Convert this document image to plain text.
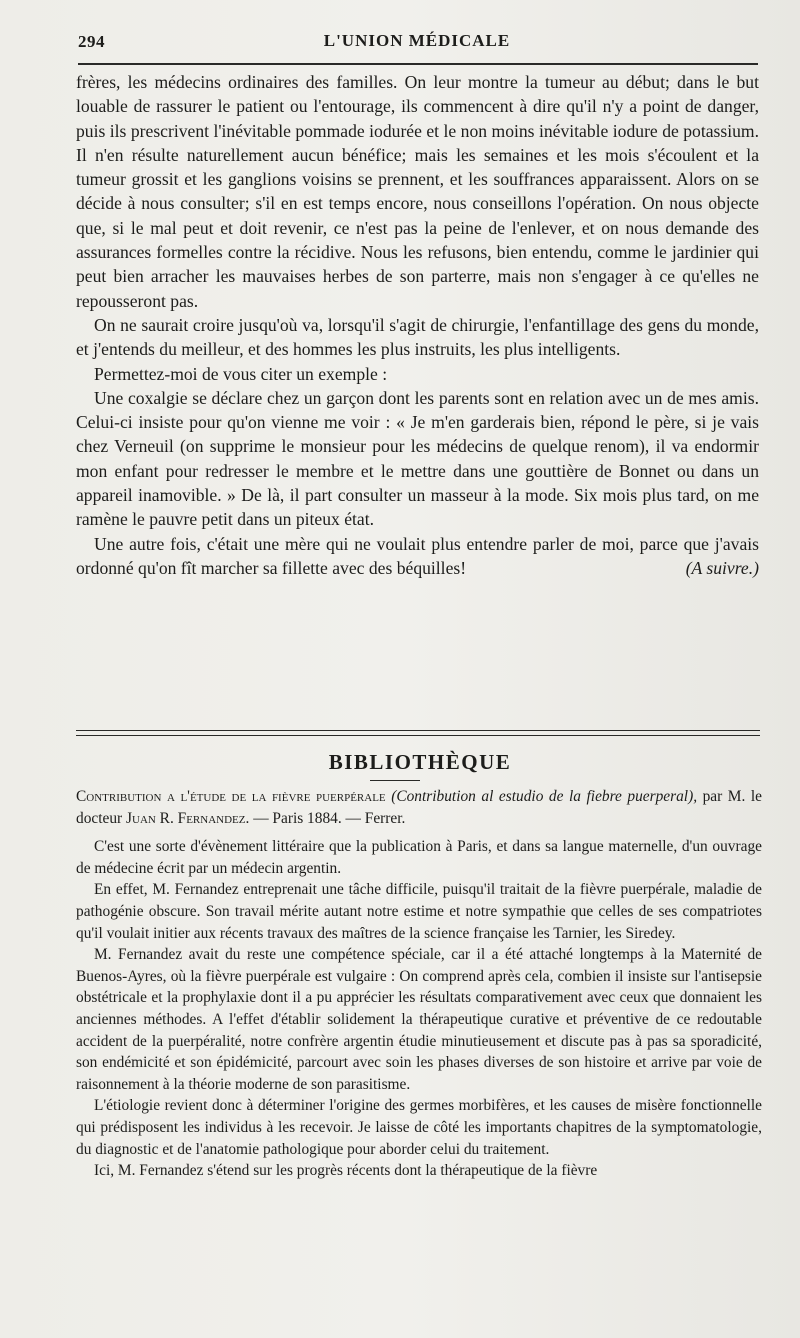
294	L'UNION MÉDICALE

frères, les médecins ordinaires des familles. On leur montre la tumeur au début; dans le but louable de rassurer le patient ou l'entourage, ils commencent à dire qu'il n'y a point de danger, puis ils prescrivent l'inévitable pommade iodurée et le non moins inévitable iodure de potassium. Il n'en résulte naturellement aucun bénéfice; mais les semaines et les mois s'écoulent et la tumeur grossit et les ganglions voisins se prennent, et les souffrances apparaissent. Alors on se décide à nous consulter; s'il en est temps encore, nous conseillons l'opération. On nous objecte que, si le mal peut et doit revenir, ce n'est pas la peine de l'enlever, et on nous demande des assurances formelles contre la récidive. Nous les refusons, bien entendu, comme le jardinier qui peut bien arracher les mauvaises herbes de son parterre, mais non s'engager à ce qu'elles ne repousseront pas.

On ne saurait croire jusqu'où va, lorsqu'il s'agit de chirurgie, l'enfantillage des gens du monde, et j'entends du meilleur, et des hommes les plus instruits, les plus intelligents.

Permettez-moi de vous citer un exemple :

Une coxalgie se déclare chez un garçon dont les parents sont en relation avec un de mes amis. Celui-ci insiste pour qu'on vienne me voir : « Je m'en garderais bien, répond le père, si je vais chez Verneuil (on supprime le monsieur pour les médecins de quelque renom), il va endormir mon enfant pour redresser le membre et le mettre dans une gouttière de Bonnet ou dans un appareil inamovible. » De là, il part consulter un masseur à la mode. Six mois plus tard, on me ramène le pauvre petit dans un piteux état.

Une autre fois, c'était une mère qui ne voulait plus entendre parler de moi, parce que j'avais ordonné qu'on fît marcher sa fillette avec des béquilles!	(A suivre.)

BIBLIOTHÈQUE

Contribution a l'étude de la fièvre puerpérale (Contribution al estudio de la fiebre puerperal), par M. le docteur Juan R. Fernandez. — Paris 1884. — Ferrer.

C'est une sorte d'évènement littéraire que la publication à Paris, et dans sa langue maternelle, d'un ouvrage de médecine écrit par un médecin argentin.

En effet, M. Fernandez entreprenait une tâche difficile, puisqu'il traitait de la fièvre puerpérale, maladie de pathogénie obscure. Son travail mérite autant notre estime et notre sympathie que celles de ses compatriotes qu'il voulait initier aux récents travaux des maîtres de la science française les Tarnier, les Siredey.

M. Fernandez avait du reste une compétence spéciale, car il a été attaché longtemps à la Maternité de Buenos-Ayres, où la fièvre puerpérale est vulgaire : On comprend après cela, combien il insiste sur l'antisepsie obstétricale et la prophylaxie dont il a pu apprécier les résultats comparativement avec ceux que donnaient les anciennes méthodes. A l'effet d'établir solidement la thérapeutique curative et préventive de ce redoutable accident de la puerpéralité, notre confrère argentin étudie minutieusement et discute pas à pas sa sporadicité, son endémicité et son épidémicité, parcourt avec soin les phases diverses de son histoire et arrive par voie de raisonnement à la théorie moderne de son parasitisme.

L'étiologie revient donc à déterminer l'origine des germes morbifères, et les causes de misère fonctionnelle qui prédisposent les individus à les recevoir. Je laisse de côté les importants chapitres de la symptomatologie, du diagnostic et de l'anatomie pathologique pour aborder celui du traitement.

Ici, M. Fernandez s'étend sur les progrès récents dont la thérapeutique de la fièvre
